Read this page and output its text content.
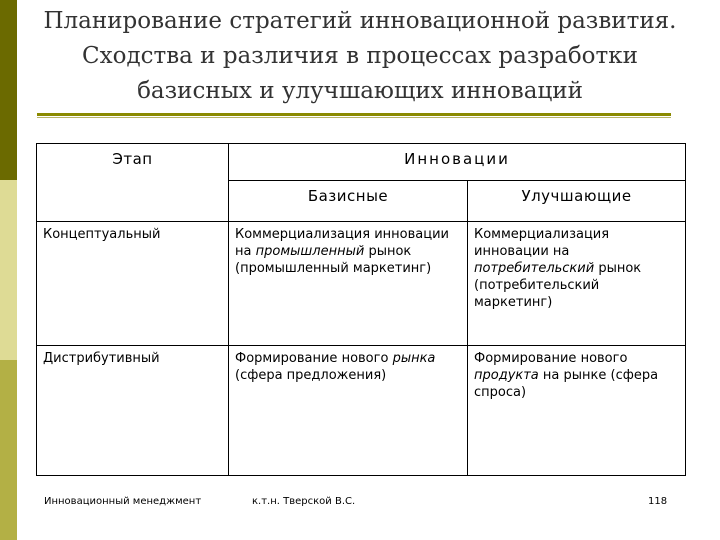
Планирование стратегий инновационной развития.
Сходства и различия в процессах разработки
базисных и улучшающих инноваций
Этап	Инновации	
	Базисные	Улучшающие
Концептуальный	Коммерциализация инновации на промышленный рынок (промышленный маркетинг)	Коммерциализация инновации на потребительский рынок (потребительский маркетинг)
Дистрибутивный	Формирование нового рынка (сфера предложения)	Формирование нового продукта на рынке (сфера спроса)
Инновационный менеджмент	к.т.н. Тверской В.С.	118
